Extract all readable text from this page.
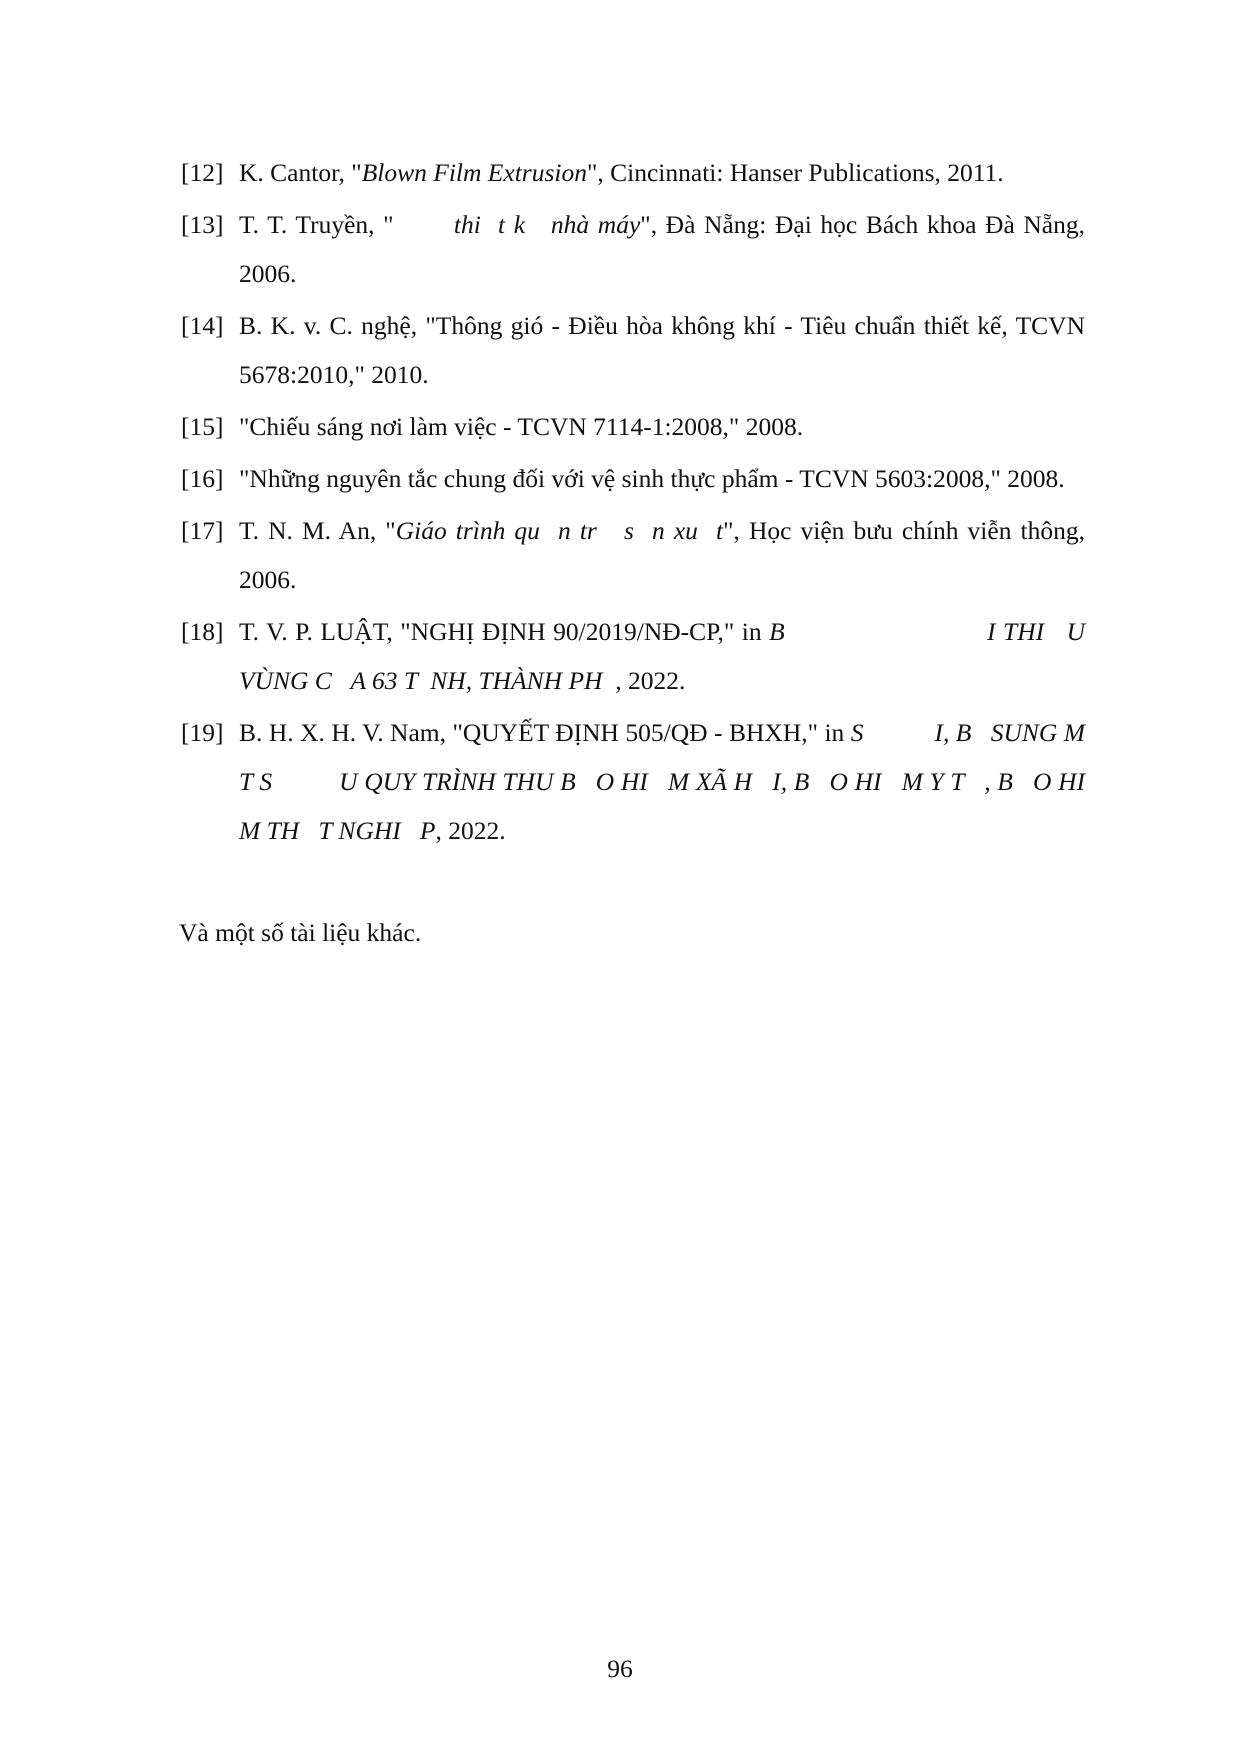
[12] K. Cantor, "Blown Film Extrusion", Cincinnati: Hanser Publications, 2011.
[13] T. T. Truyền, "       thi  t k   nhà máy", Đà Nẵng: Đại học Bách khoa Đà Nẵng, 2006.
[14] B. K. v. C. nghệ, "Thông gió - Điều hòa không khí - Tiêu chuẩn thiết kế, TCVN 5678:2010," 2010.
[15] "Chiếu sáng nơi làm việc - TCVN 7114-1:2008," 2008.
[16] "Những nguyên tắc chung đối với vệ sinh thực phẩm - TCVN 5603:2008," 2008.
[17] T. N. M. An, "Giáo trình qu  n tr   s  n xu  t", Học viện bưu chính viễn thông, 2006.
[18] T. V. P. LUẬT, "NGHỊ ĐỊNH 90/2019/NĐ-CP," in B                           I THI   U VÙNG C   A 63 T  NH, THÀNH PH  , 2022.
[19] B. H. X. H. V. Nam, "QUYẾT ĐỊNH 505/QĐ - BHXH," in S           I, B   SUNG M   T S          U QUY TRÌNH THU B   O HI   M XÃ H   I, B   O HI   M Y T   , B   O HI   M TH   T NGHI   P, 2022.

Và một số tài liệu khác.

96
